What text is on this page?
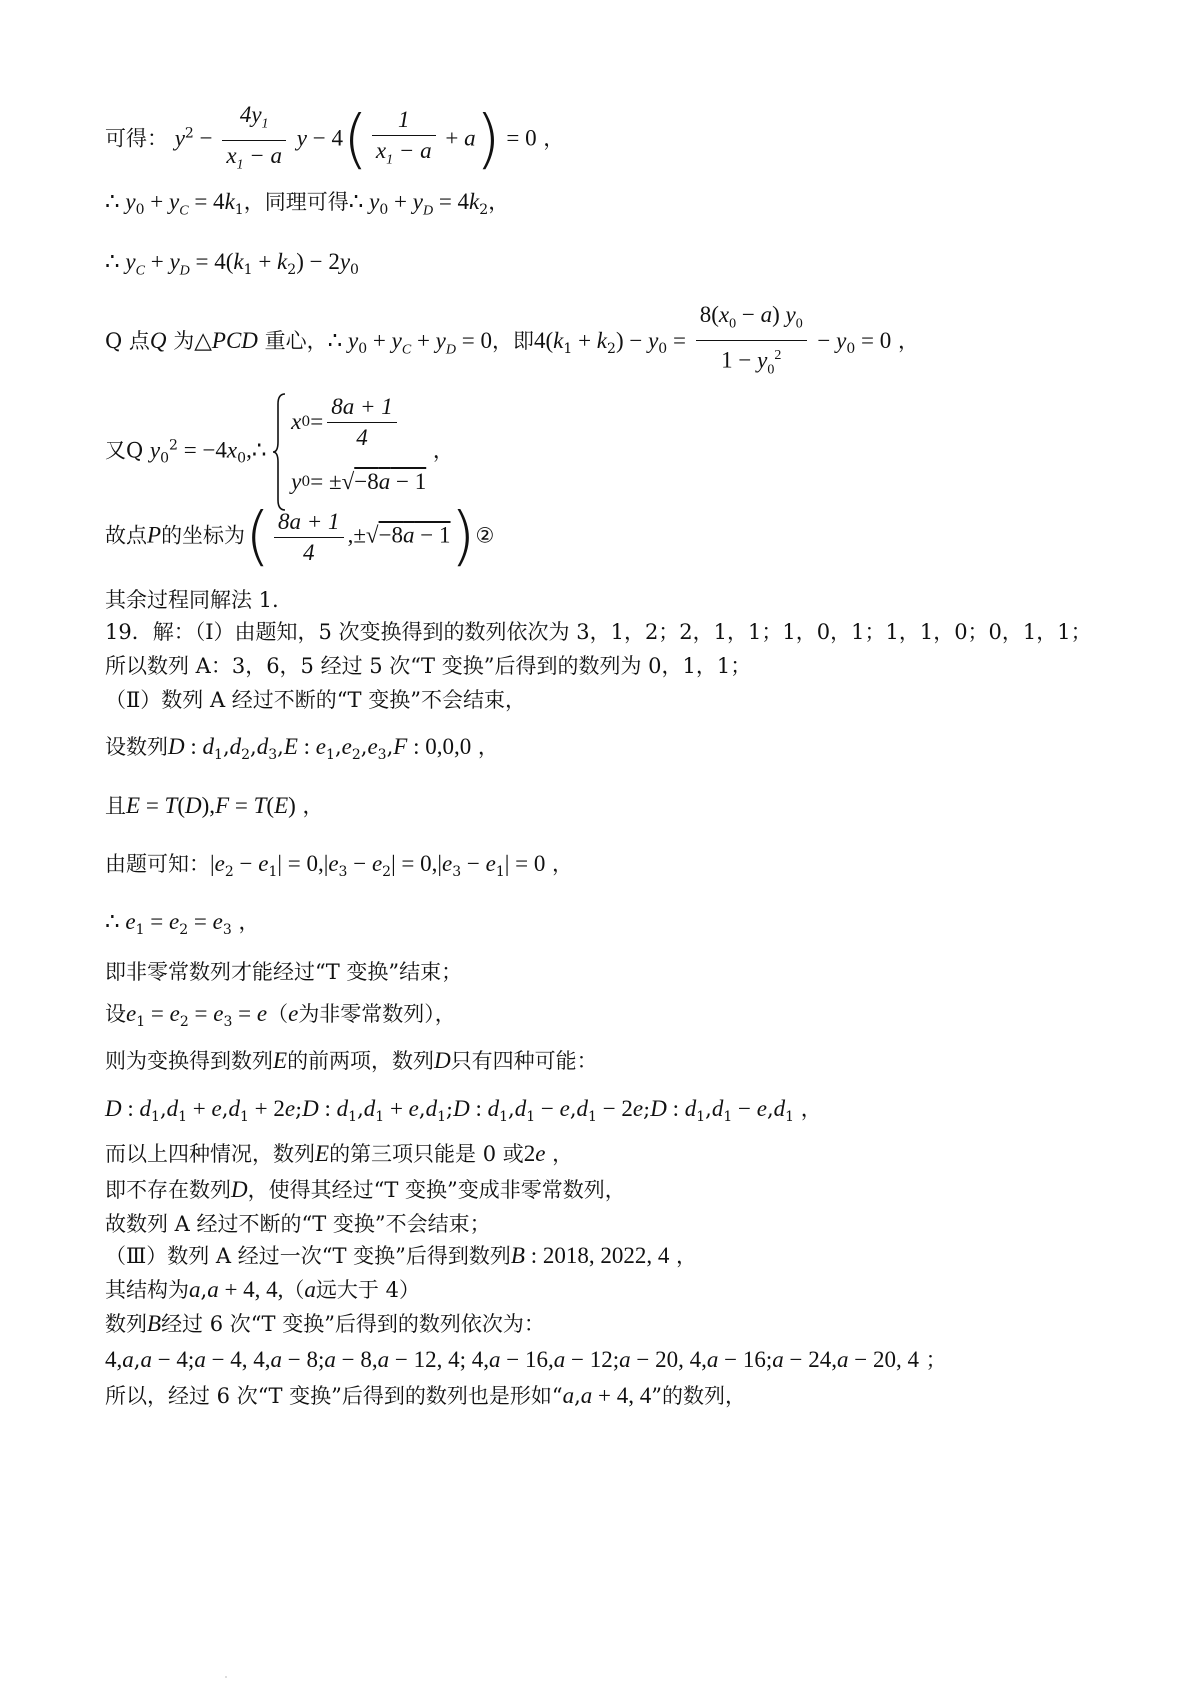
可得： $y^2 - \frac{4y_1}{x_1 - a}$ $y - 4( \frac{1}{x_1 - a} + a) = 0$ ，
∴ $y_0 + y_C = 4k_1$，同理可得∴ $y_0 + y_D = 4k_2$，
∴ $y_C + y_D = 4(k_1 + k_2) - 2y_0$
Q 点Q 为△PCD 重心，∴ $y_0 + y_C + y_D = 0$，即$4(k_1 + k_2) - y_0 = \frac{8(x_0 - a) y_0}{1 - y_0^2} - y_0 = 0$ ，
又Q $y_0^2$ = $-4x_0,\therefore$
x $0 = \frac{8a + 1}{4}$
y 0 = ±√−8a − 1
，
故点P的坐标为( $\frac{8a + 1}{4} ,\pm√-8a$ − 1)②
其余过程同解法 1.
19．解：（Ⅰ）由题知，5 次变换得到的数列依次为 3，1，2；2，1，1；1，0，1；1，1，0；0，1，1；
所以数列 A：3，6，5 经过 5 次“T 变换”后得到的数列为 0，1，1；
（Ⅱ）数列 A 经过不断的“T 变换”不会结束，
设数列D : $d_1,d_2,d_3,E$ : $e_1,e_2,e_3,F$ : 0,0,0 ，
且E = T(D),F = T(E) ，
由题可知：$|e_2 - e_1| = 0,|e_3 - e_2| = 0,|e_3 - e_1| = 0$ ，
∴ $e_1 = e_2 = e_3$ ，
即非零常数列才能经过“T 变换”结束；
设$e_1 = e_2 = e_3 = e(e$为非零常数列），
则为变换得到数列E的前两项，数列D只有四种可能：
D : $d_1,d_1 + e,d_1$ + 2e;D : $d_1,d_1$ + $e,d_1;D$ : $d_1,d_1 - e,d_1$ − 2e;D : $d_1,d_1 - e,d_1$ ，
而以上四种情况，数列E的第三项只能是 0 或2e ，
即不存在数列D，使得其经过“T 变换”变成非零常数列，
故数列 A 经过不断的“T 变换”不会结束；
（Ⅲ）数列 A 经过一次“T 变换”后得到数列B : 2018, 2022, 4 ，
其结构为a,a + 4, 4,（a远大于 4）
数列B经过 6 次“T 变换”后得到的数列依次为：
4,a,a − 4;a − 4, 4,a − 8;a − 8,a − 12, 4; 4,a − 16,a − 12;a − 20, 4,a − 16;a − 24,a − 20, 4 ；
所以，经过 6 次“T 变换”后得到的数列也是形如“a,a + 4, 4”的数列，
